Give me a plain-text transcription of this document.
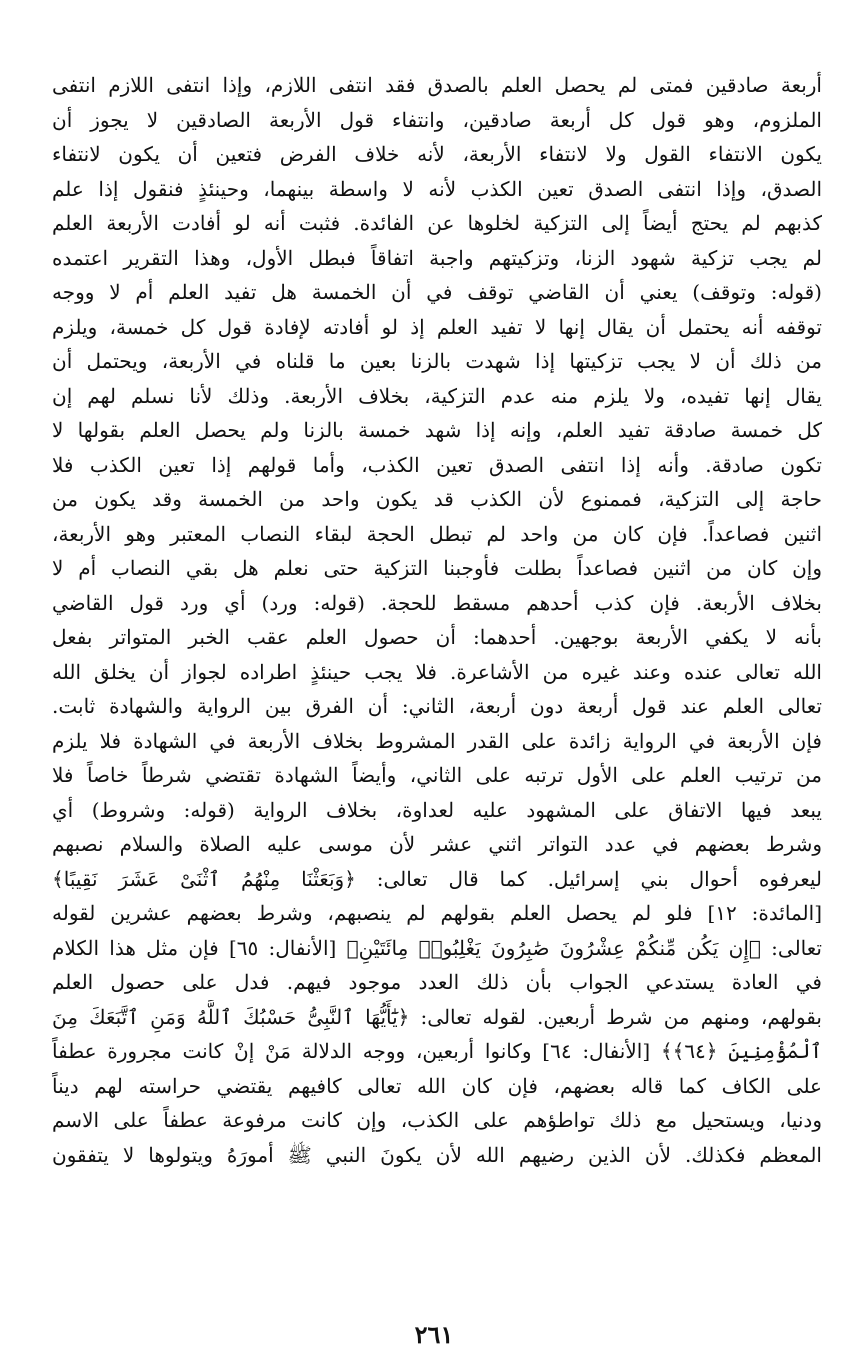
أربعة صادقين فمتى لم يحصل العلم بالصدق فقد انتفى اللازم، وإذا انتفى اللازم انتفى
الملزوم، وهو قول كل أربعة صادقين، وانتفاء قول الأربعة الصادقين لا يجوز أن
يكون الانتفاء القول ولا لانتفاء الأربعة، لأنه خلاف الفرض فتعين أن يكون لانتفاء
الصدق، وإذا انتفى الصدق تعين الكذب لأنه لا واسطة بينهما، وحينئذٍ فنقول إذا علم
كذبهم لم يحتج أيضاً إلى التزكية لخلوها عن الفائدة. فثبت أنه لو أفادت الأربعة العلم
لم يجب تزكية شهود الزنا، وتزكيتهم واجبة اتفاقاً فبطل الأول، وهذا التقرير اعتمده
(قوله: وتوقف) يعني أن القاضي توقف في أن الخمسة هل تفيد العلم أم لا ووجه
توقفه أنه يحتمل أن يقال إنها لا تفيد العلم إذ لو أفادته لإفادة قول كل خمسة، ويلزم
من ذلك أن لا يجب تزكيتها إذا شهدت بالزنا بعين ما قلناه في الأربعة، ويحتمل أن
يقال إنها تفيده، ولا يلزم منه عدم التزكية، بخلاف الأربعة. وذلك لأنا نسلم لهم إن
كل خمسة صادقة تفيد العلم، وإنه إذا شهد خمسة بالزنا ولم يحصل العلم بقولها لا
تكون صادقة. وأنه إذا انتفى الصدق تعين الكذب، وأما قولهم إذا تعين الكذب فلا
حاجة إلى التزكية، فممنوع لأن الكذب قد يكون واحد من الخمسة وقد يكون من
اثنين فصاعداً. فإن كان من واحد لم تبطل الحجة لبقاء النصاب المعتبر وهو الأربعة،
وإن كان من اثنين فصاعداً بطلت فأوجبنا التزكية حتى نعلم هل بقي النصاب أم لا
بخلاف الأربعة. فإن كذب أحدهم مسقط للحجة. (قوله: ورد) أي ورد قول القاضي
بأنه لا يكفي الأربعة بوجهين. أحدهما: أن حصول العلم عقب الخبر المتواتر بفعل
الله تعالى عنده وعند غيره من الأشاعرة. فلا يجب حينئذٍ اطراده لجواز أن يخلق الله
تعالى العلم عند قول أربعة دون أربعة، الثاني: أن الفرق بين الرواية والشهادة ثابت.
فإن الأربعة في الرواية زائدة على القدر المشروط بخلاف الأربعة في الشهادة فلا يلزم
من ترتيب العلم على الأول ترتبه على الثاني، وأيضاً الشهادة تقتضي شرطاً خاصاً فلا
يبعد فيها الاتفاق على المشهود عليه لعداوة، بخلاف الرواية (قوله: وشروط) أي
وشرط بعضهم في عدد التواتر اثني عشر لأن موسى عليه الصلاة والسلام نصبهم
ليعرفوه أحوال بني إسرائيل. كما قال تعالى: ﴿وَبَعَثْنَا مِنْهُمُ ٱثْنَىْ عَشَرَ نَقِيبًا﴾
[المائدة: ١٢] فلو لم يحصل العلم بقولهم لم ينصبهم، وشرط بعضهم عشرين لقوله
تعالى: ﴿إِن يَكُن مِّنكُمْ عِشْرُونَ صَٰبِرُونَ يَغْلِبُوا۟ مِائَتَيْنِ﴾ [الأنفال: ٦٥] فإن مثل هذا الكلام
في العادة يستدعي الجواب بأن ذلك العدد موجود فيهم. فدل على حصول العلم
بقولهم، ومنهم من شرط أربعين. لقوله تعالى: ﴿يَٰٓأَيُّهَا ٱلنَّبِىُّ حَسْبُكَ ٱللَّهُ وَمَنِ ٱتَّبَعَكَ مِنَ
ٱلْمُؤْمِنِينَ ﴿٦٤﴾﴾ [الأنفال: ٦٤] وكانوا أربعين، ووجه الدلالة مَنْ إنْ كانت مجرورة عطفاً
على الكاف كما قاله بعضهم، فإن كان الله تعالى كافيهم يقتضي حراسته لهم ديناً
ودنيا، ويستحيل مع ذلك تواطؤهم على الكذب، وإن كانت مرفوعة عطفاً على الاسم
المعظم فكذلك. لأن الذين رضيهم الله لأن يكونَ النبي ﷺ أمورَهُ ويتولوها لا يتفقون
٢٦١
